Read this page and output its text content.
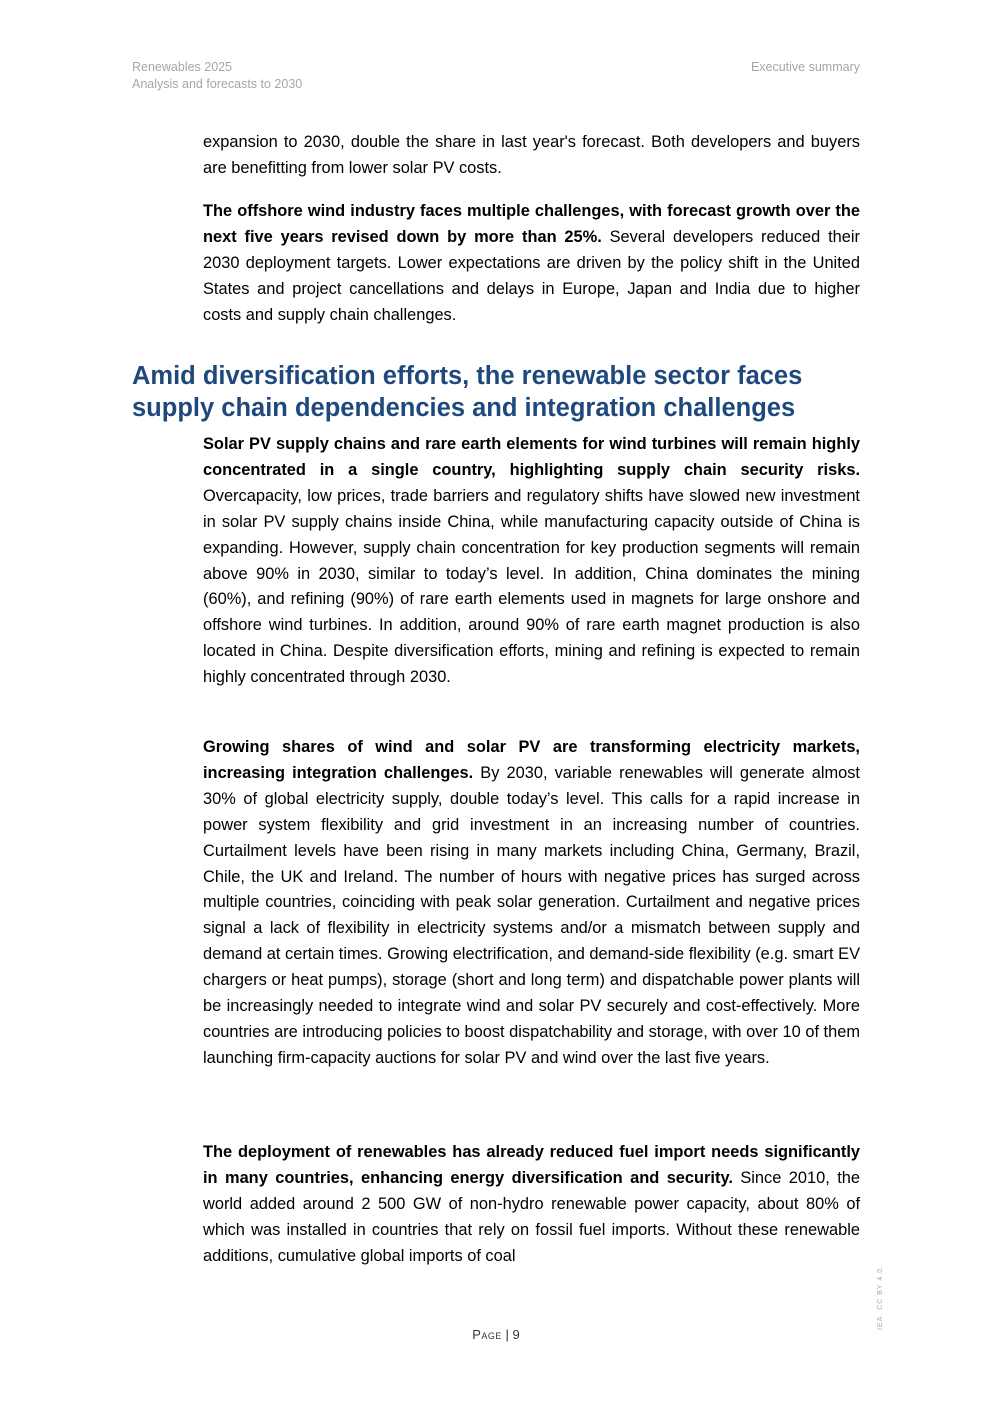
Renewables 2025
Analysis and forecasts to 2030
Executive summary

expansion to 2030, double the share in last year's forecast. Both developers and buyers are benefitting from lower solar PV costs.

The offshore wind industry faces multiple challenges, with forecast growth over the next five years revised down by more than 25%. Several developers reduced their 2030 deployment targets. Lower expectations are driven by the policy shift in the United States and project cancellations and delays in Europe, Japan and India due to higher costs and supply chain challenges.

Amid diversification efforts, the renewable sector faces supply chain dependencies and integration challenges

Solar PV supply chains and rare earth elements for wind turbines will remain highly concentrated in a single country, highlighting supply chain security risks. Overcapacity, low prices, trade barriers and regulatory shifts have slowed new investment in solar PV supply chains inside China, while manufacturing capacity outside of China is expanding. However, supply chain concentration for key production segments will remain above 90% in 2030, similar to today’s level. In addition, China dominates the mining (60%), and refining (90%) of rare earth elements used in magnets for large onshore and offshore wind turbines. In addition, around 90% of rare earth magnet production is also located in China. Despite diversification efforts, mining and refining is expected to remain highly concentrated through 2030.

Growing shares of wind and solar PV are transforming electricity markets, increasing integration challenges. By 2030, variable renewables will generate almost 30% of global electricity supply, double today’s level. This calls for a rapid increase in power system flexibility and grid investment in an increasing number of countries. Curtailment levels have been rising in many markets including China, Germany, Brazil, Chile, the UK and Ireland. The number of hours with negative prices has surged across multiple countries, coinciding with peak solar generation. Curtailment and negative prices signal a lack of flexibility in electricity systems and/or a mismatch between supply and demand at certain times. Growing electrification, and demand-side flexibility (e.g. smart EV chargers or heat pumps), storage (short and long term) and dispatchable power plants will be increasingly needed to integrate wind and solar PV securely and cost-effectively. More countries are introducing policies to boost dispatchability and storage, with over 10 of them launching firm-capacity auctions for solar PV and wind over the last five years.

The deployment of renewables has already reduced fuel import needs significantly in many countries, enhancing energy diversification and security. Since 2010, the world added around 2 500 GW of non-hydro renewable power capacity, about 80% of which was installed in countries that rely on fossil fuel imports. Without these renewable additions, cumulative global imports of coal

Page | 9
IEA. CC BY 4.0.
